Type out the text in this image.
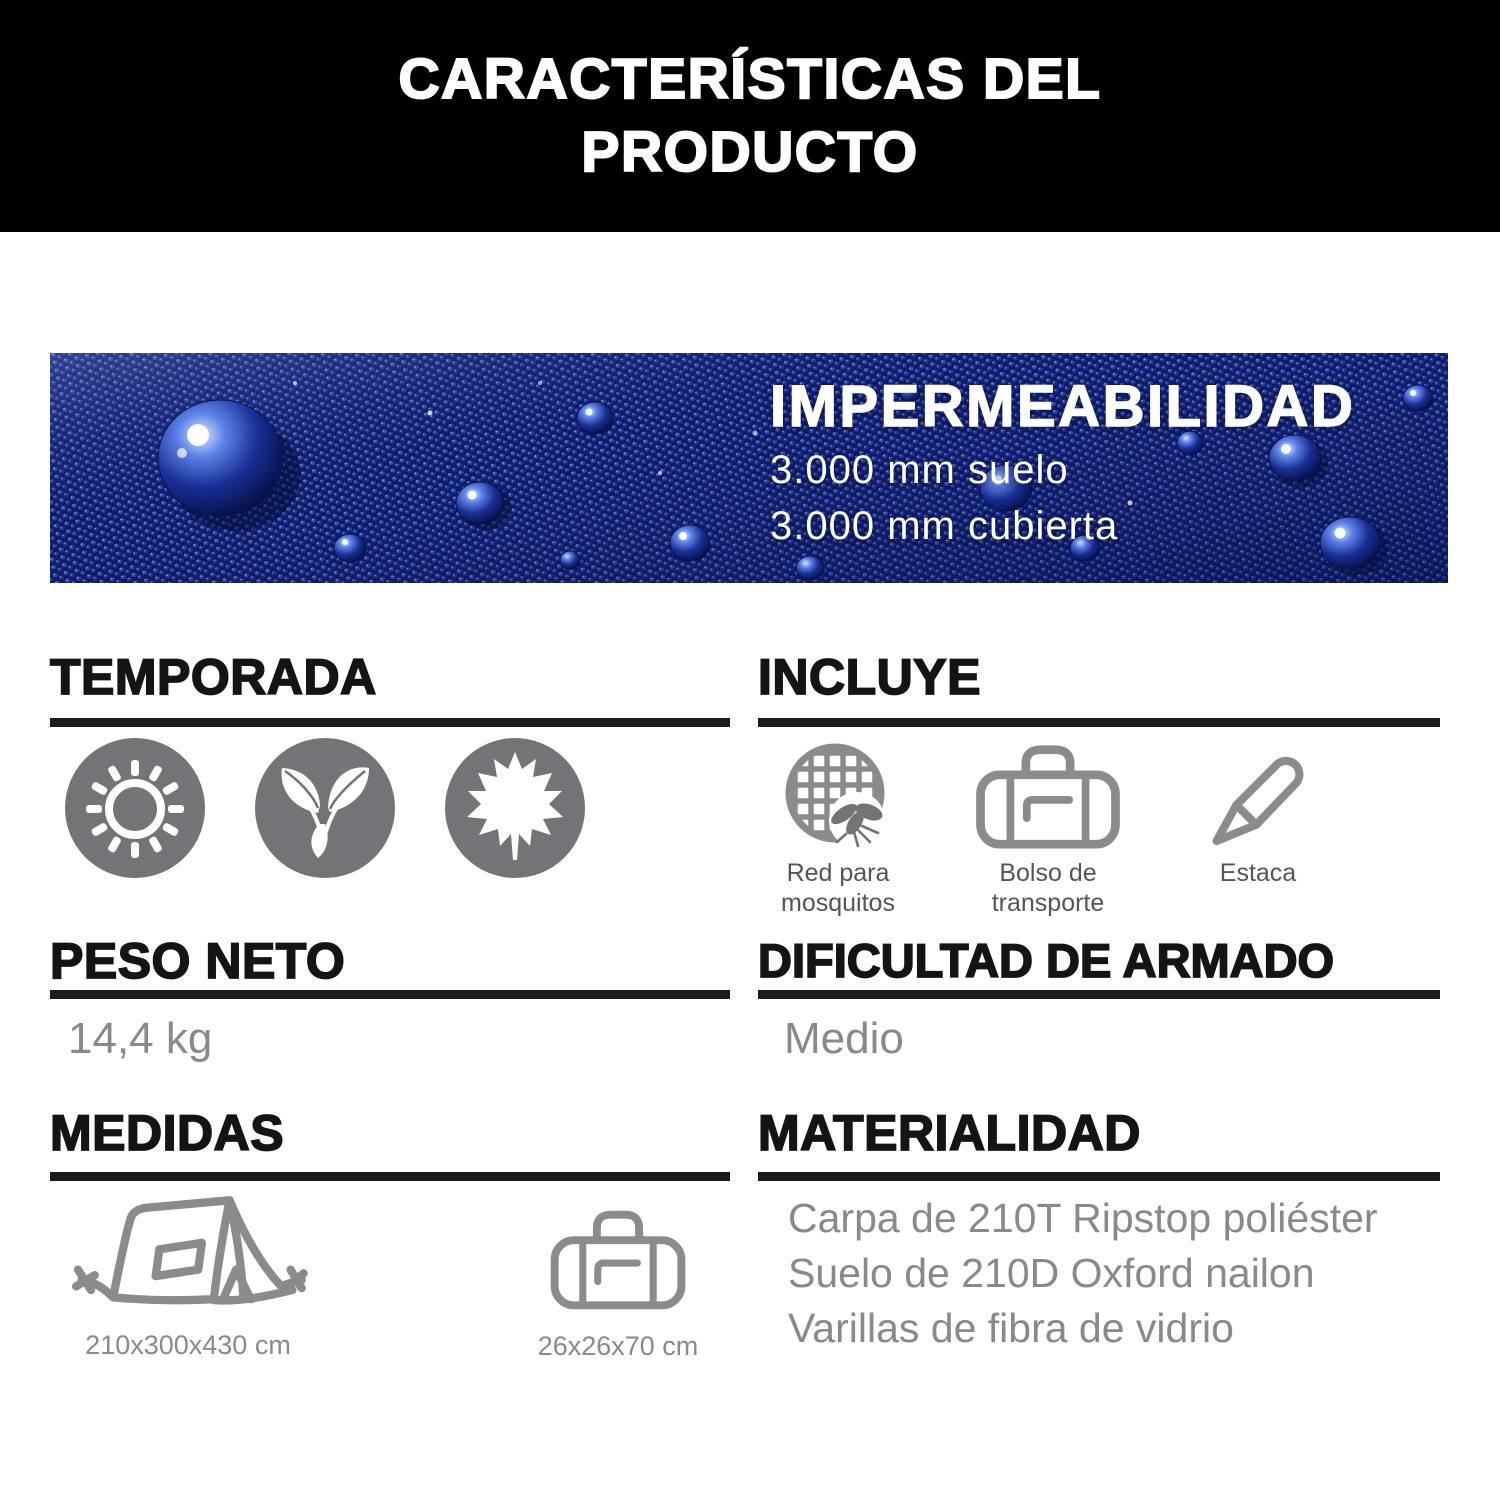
CARACTERÍSTICAS DEL
PRODUCTO
IMPERMEABILIDAD

3.000 mm suelo

3.000 mm cubierta

TEMPORADA	INCLUYE
Red para mosquitos
Bolso de transporte
Estaca
PESO NETO
14,4 kg
DIFICULTAD DE ARMADO
Medio
MEDIDAS
210x300x430 cm	26x26x70 cm
MATERIALIDAD

Carpa de 210T Ripstop poliéster

Suelo de 210D Oxford nailon

Varillas de fibra de vidrio
